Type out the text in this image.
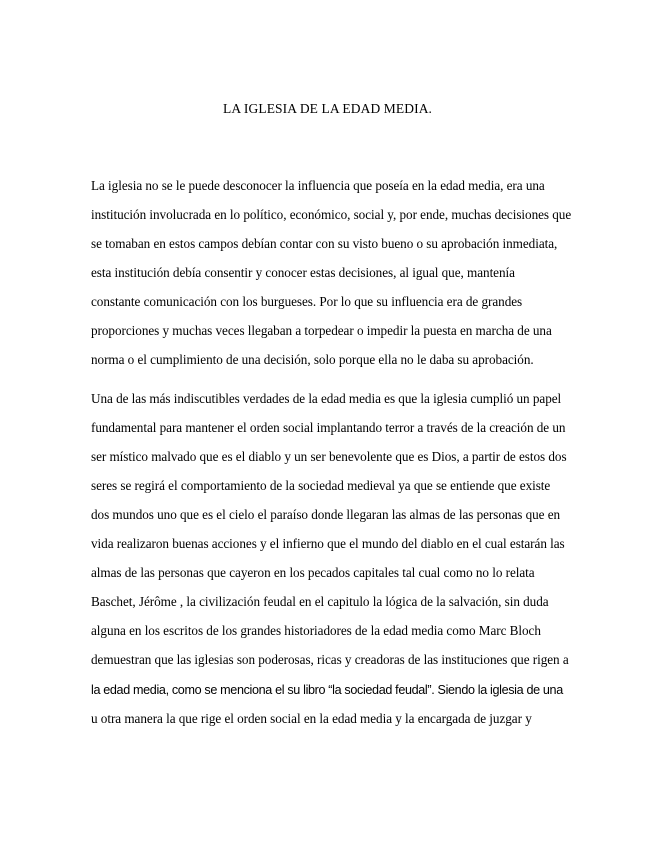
LA IGLESIA DE LA EDAD MEDIA.
La iglesia no se le puede desconocer la influencia que poseía en la edad media, era una
institución involucrada en lo político, económico, social y, por ende, muchas decisiones que
se tomaban en estos campos debían contar con su visto bueno o su aprobación inmediata,
esta institución debía consentir y conocer estas decisiones, al igual que, mantenía
constante comunicación con los burgueses. Por lo que su influencia era de grandes
proporciones y muchas veces llegaban a torpedear o impedir la puesta en marcha de una
norma o el cumplimiento de una decisión, solo porque ella no le daba su aprobación.
Una de las más indiscutibles verdades de la edad media es que la iglesia cumplió un papel
fundamental para mantener el orden social implantando terror a través de la creación de un
ser místico malvado que es el diablo y un ser benevolente que es Dios, a partir de estos dos
seres se regirá el comportamiento de la sociedad medieval ya que se entiende que existe
dos mundos uno que es el cielo el paraíso donde llegaran las almas de las personas que en
vida realizaron buenas acciones y el infierno que el mundo del diablo en el cual estarán las
almas de las personas que cayeron en los pecados capitales tal cual como no lo relata
Baschet, Jérôme , la civilización feudal en el capitulo la lógica de la salvación, sin duda
alguna en los escritos de los grandes historiadores de la edad media como Marc Bloch
demuestran que las iglesias son poderosas, ricas y creadoras de las instituciones que rigen a
la edad media, como se menciona el su libro “la sociedad feudal”. Siendo la iglesia de una
u otra manera la que rige el orden social en la edad media y la encargada de juzgar y
